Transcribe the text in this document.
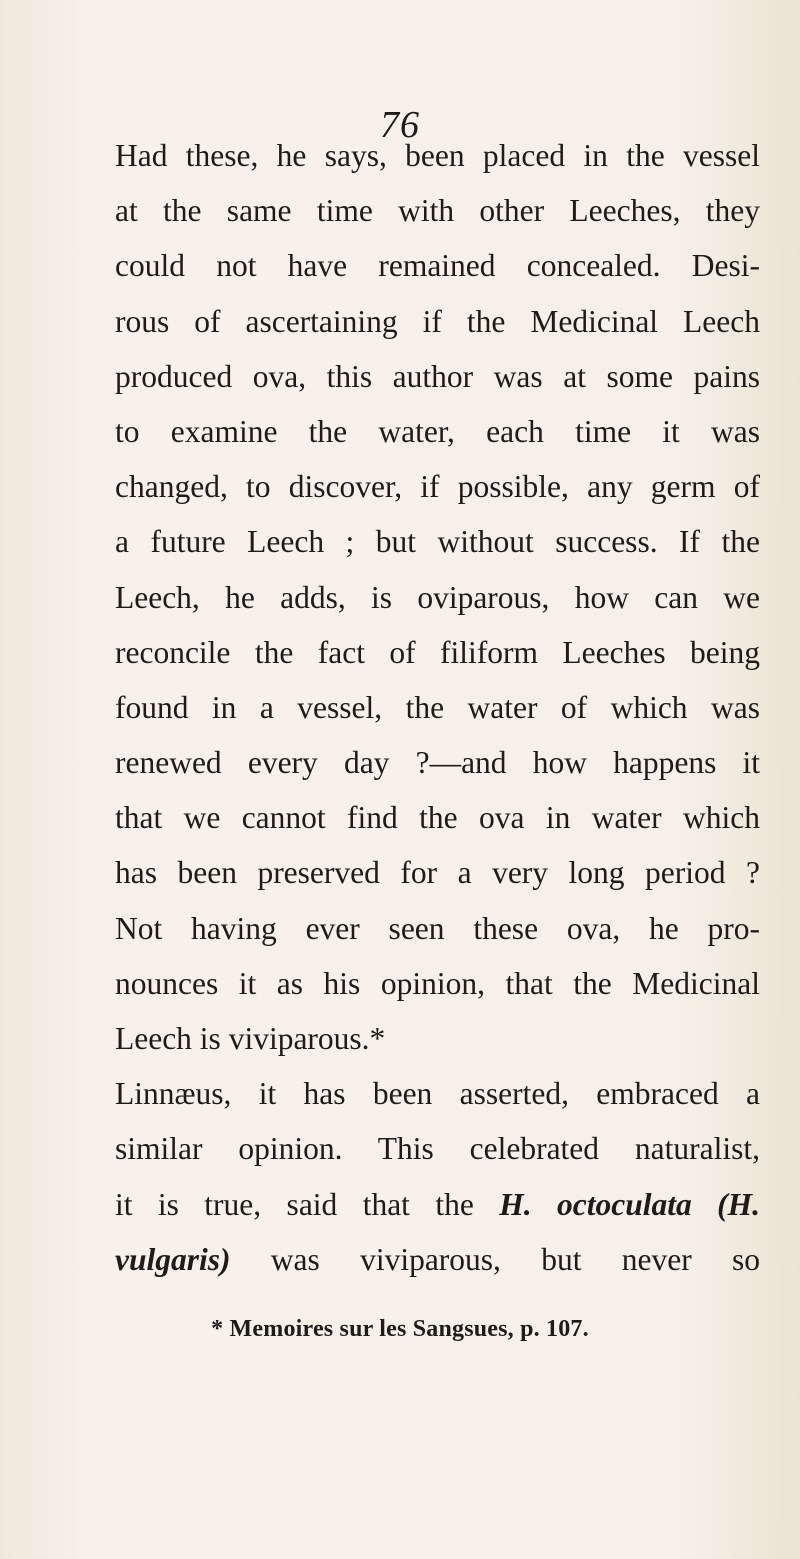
76
Had these, he says, been placed in the vessel
at the same time with other Leeches, they
could not have remained concealed. Desi-
rous of ascertaining if the Medicinal Leech
produced ova, this author was at some pains
to examine the water, each time it was
changed, to discover, if possible, any germ of
a future Leech ; but without success. If the
Leech, he adds, is oviparous, how can we
reconcile the fact of filiform Leeches being
found in a vessel, the water of which was
renewed every day ?—and how happens it
that we cannot find the ova in water which
has been preserved for a very long period ?
Not having ever seen these ova, he pro-
nounces it as his opinion, that the Medicinal
Leech is viviparous.*
Linnæus, it has been asserted, embraced a
similar opinion. This celebrated naturalist,
it is true, said that the H. octoculata (H.
vulgaris) was viviparous, but never so
* Memoires sur les Sangsues, p. 107.
